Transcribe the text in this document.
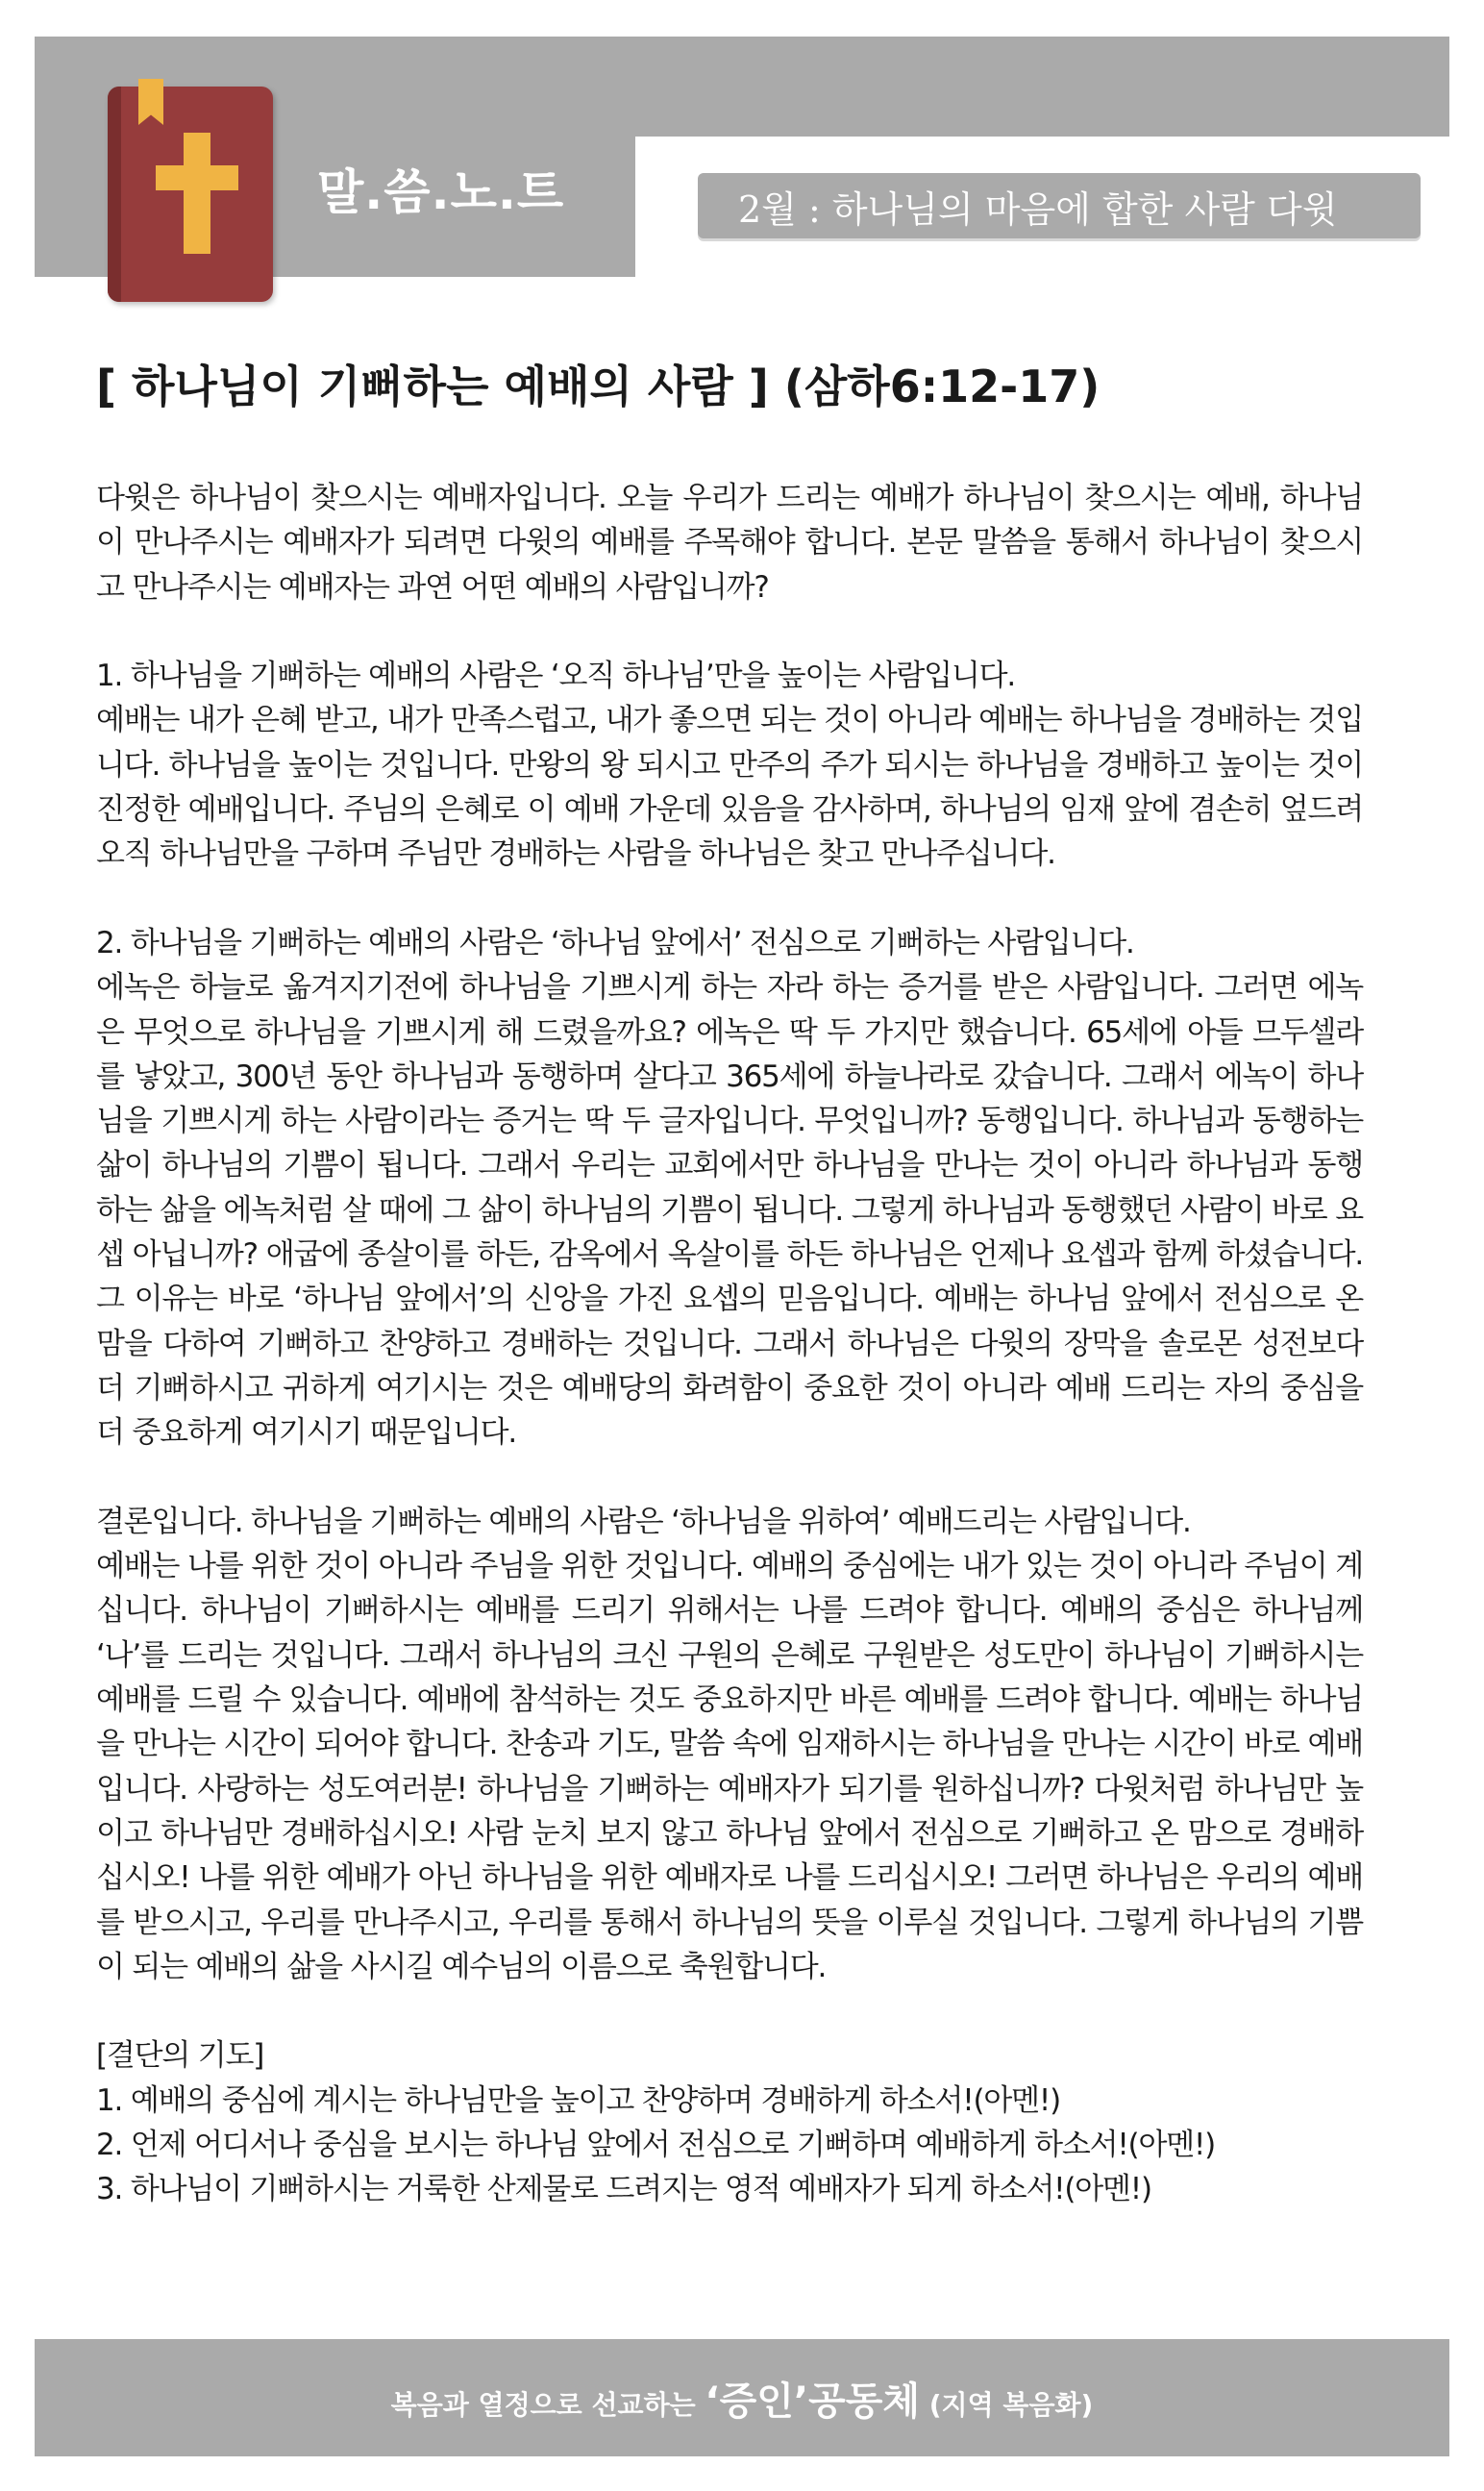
말.씀.노.트	2월 : 하나님의 마음에 합한 사람 다윗
[ 하나님이 기뻐하는 예배의 사람 ] (삼하6:12-17)

다윗은 하나님이 찾으시는 예배자입니다. 오늘 우리가 드리는 예배가 하나님이 찾으시는 예배, 하나님이 만나주시는 예배자가 되려면 다윗의 예배를 주목해야 합니다. 본문 말씀을 통해서 하나님이 찾으시고 만나주시는 예배자는 과연 어떤 예배의 사람입니까?

1. 하나님을 기뻐하는 예배의 사람은 ‘오직 하나님’만을 높이는 사람입니다.

예배는 내가 은혜 받고, 내가 만족스럽고, 내가 좋으면 되는 것이 아니라 예배는 하나님을 경배하는 것입니다. 하나님을 높이는 것입니다. 만왕의 왕 되시고 만주의 주가 되시는 하나님을 경배하고 높이는 것이 진정한 예배입니다. 주님의 은혜로 이 예배 가운데 있음을 감사하며, 하나님의 임재 앞에 겸손히 엎드려 오직 하나님만을 구하며 주님만 경배하는 사람을 하나님은 찾고 만나주십니다.

2. 하나님을 기뻐하는 예배의 사람은 ‘하나님 앞에서’ 전심으로 기뻐하는 사람입니다.

에녹은 하늘로 옮겨지기전에 하나님을 기쁘시게 하는 자라 하는 증거를 받은 사람입니다. 그러면 에녹은 무엇으로 하나님을 기쁘시게 해 드렸을까요? 에녹은 딱 두 가지만 했습니다. 65세에 아들 므두셀라를 낳았고, 300년 동안 하나님과 동행하며 살다고 365세에 하늘나라로 갔습니다. 그래서 에녹이 하나님을 기쁘시게 하는 사람이라는 증거는 딱 두 글자입니다. 무엇입니까? 동행입니다. 하나님과 동행하는 삶이 하나님의 기쁨이 됩니다. 그래서 우리는 교회에서만 하나님을 만나는 것이 아니라 하나님과 동행하는 삶을 에녹처럼 살 때에 그 삶이 하나님의 기쁨이 됩니다. 그렇게 하나님과 동행했던 사람이 바로 요셉 아닙니까? 애굽에 종살이를 하든, 감옥에서 옥살이를 하든 하나님은 언제나 요셉과 함께 하셨습니다. 그 이유는 바로 ‘하나님 앞에서’의 신앙을 가진 요셉의 믿음입니다. 예배는 하나님 앞에서 전심으로 온 맘을 다하여 기뻐하고 찬양하고 경배하는 것입니다. 그래서 하나님은 다윗의 장막을 솔로몬 성전보다 더 기뻐하시고 귀하게 여기시는 것은 예배당의 화려함이 중요한 것이 아니라 예배 드리는 자의 중심을 더 중요하게 여기시기 때문입니다.

결론입니다. 하나님을 기뻐하는 예배의 사람은 ‘하나님을 위하여’ 예배드리는 사람입니다.

예배는 나를 위한 것이 아니라 주님을 위한 것입니다. 예배의 중심에는 내가 있는 것이 아니라 주님이 계십니다. 하나님이 기뻐하시는 예배를 드리기 위해서는 나를 드려야 합니다. 예배의 중심은 하나님께 ‘나’를 드리는 것입니다. 그래서 하나님의 크신 구원의 은혜로 구원받은 성도만이 하나님이 기뻐하시는 예배를 드릴 수 있습니다. 예배에 참석하는 것도 중요하지만 바른 예배를 드려야 합니다. 예배는 하나님을 만나는 시간이 되어야 합니다. 찬송과 기도, 말씀 속에 임재하시는 하나님을 만나는 시간이 바로 예배입니다. 사랑하는 성도여러분! 하나님을 기뻐하는 예배자가 되기를 원하십니까? 다윗처럼 하나님만 높이고 하나님만 경배하십시오! 사람 눈치 보지 않고 하나님 앞에서 전심으로 기뻐하고 온 맘으로 경배하십시오! 나를 위한 예배가 아닌 하나님을 위한 예배자로 나를 드리십시오! 그러면 하나님은 우리의 예배를 받으시고, 우리를 만나주시고, 우리를 통해서 하나님의 뜻을 이루실 것입니다. 그렇게 하나님의 기쁨이 되는 예배의 삶을 사시길 예수님의 이름으로 축원합니다.

[결단의 기도]

1. 예배의 중심에 계시는 하나님만을 높이고 찬양하며 경배하게 하소서!(아멘!)

2. 언제 어디서나 중심을 보시는 하나님 앞에서 전심으로 기뻐하며 예배하게 하소서!(아멘!)

3. 하나님이 기뻐하시는 거룩한 산제물로 드려지는 영적 예배자가 되게 하소서!(아멘!)

복음과 열정으로 선교하는 ‘증인’공동체 (지역 복음화)
